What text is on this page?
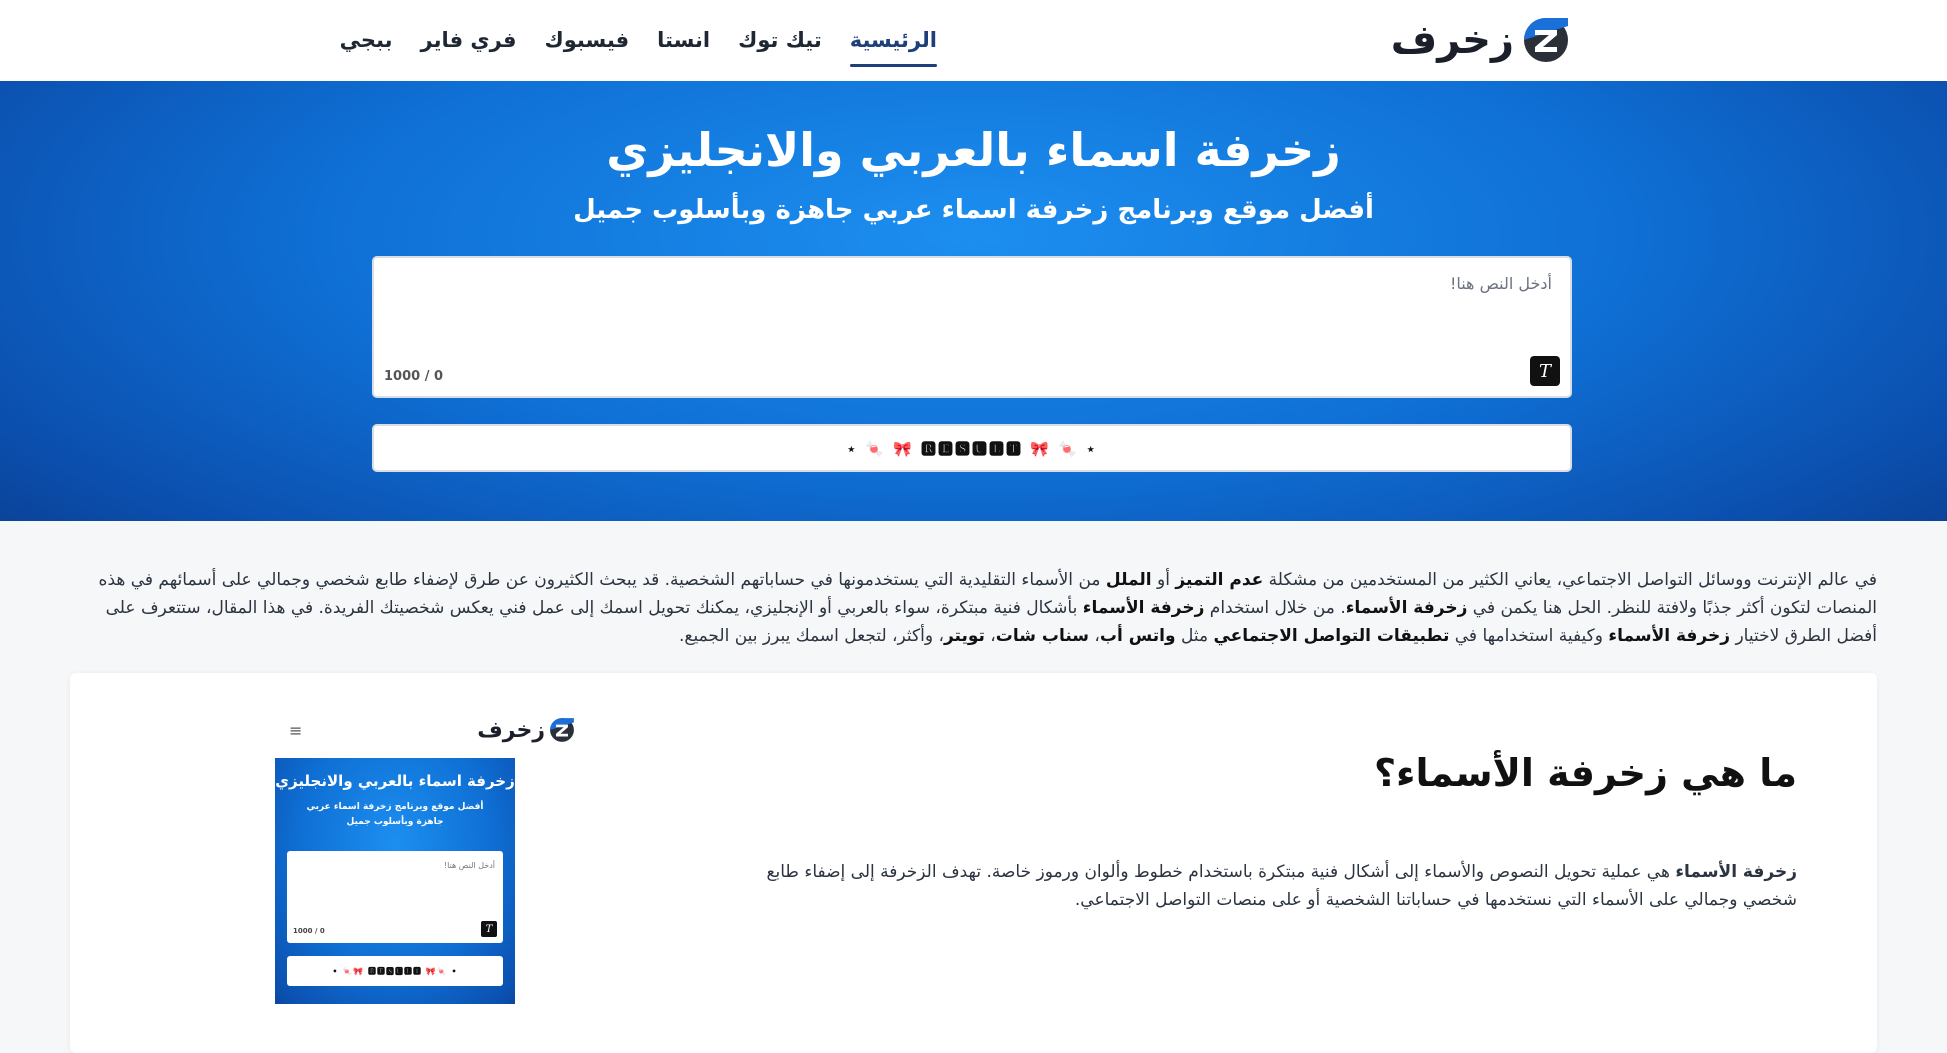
زخرف
الرئيسية
تيك توك
انستا
فيسبوك
فري فاير
ببجي
زخرفة اسماء بالعربي والانجليزي
أفضل موقع وبرنامج زخرفة اسماء عربي جاهزة وبأسلوب جميل
أدخل النص هنا!
1000 / 0	T
⋆ 🍬 🎀 🆁🅴🆂🆄🅻🆃 🎀 🍬 ⋆

في عالم الإنترنت ووسائل التواصل الاجتماعي، يعاني الكثير من المستخدمين من مشكلة عدم التميز أو الملل من الأسماء التقليدية التي يستخدمونها في حساباتهم الشخصية. قد يبحث الكثيرون عن طرق لإضفاء طابع شخصي وجمالي على أسمائهم في هذه المنصات لتكون أكثر جذبًا ولافتة للنظر. الحل هنا يكمن في زخرفة الأسماء. من خلال استخدام زخرفة الأسماء بأشكال فنية مبتكرة، سواء بالعربي أو الإنجليزي، يمكنك تحويل اسمك إلى عمل فني يعكس شخصيتك الفريدة. في هذا المقال، ستتعرف على أفضل الطرق لاختيار زخرفة الأسماء وكيفية استخدامها في تطبيقات التواصل الاجتماعي مثل واتس أب، سناب شات، تويتر، وأكثر، لتجعل اسمك يبرز بين الجميع.

ما هي زخرفة الأسماء؟

زخرفة الأسماء هي عملية تحويل النصوص والأسماء إلى أشكال فنية مبتكرة باستخدام خطوط وألوان ورموز خاصة. تهدف الزخرفة إلى إضفاء طابع شخصي وجمالي على الأسماء التي نستخدمها في حساباتنا الشخصية أو على منصات التواصل الاجتماعي.

≡	زخرف
زخرفة اسماء بالعربي والانجليزي
أفضل موقع وبرنامج زخرفة اسماء عربي جاهزة وبأسلوب جميل
أدخل النص هنا!
1000 / 0	T
• 🍬🎀 🆁🅴🆂🆄🅻🆃 🎀🍬 •
